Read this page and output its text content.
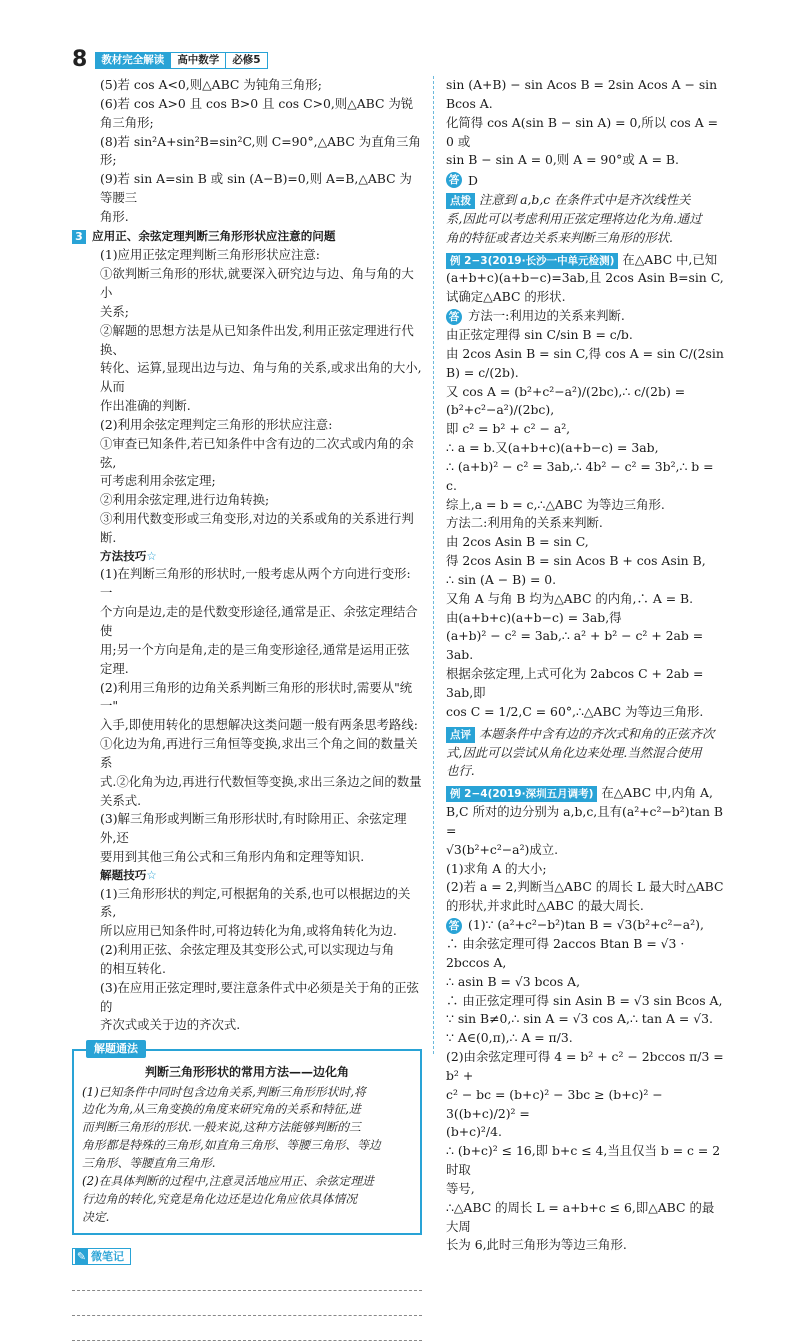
8	教材完全解读	高中数学	必修5

(5)若 cos A<0,则△ABC 为钝角三角形;

(6)若 cos A>0 且 cos B>0 且 cos C>0,则△ABC 为锐角三角形;

(8)若 sin²A+sin²B=sin²C,则 C=90°,△ABC 为直角三角形;

(9)若 sin A=sin B 或 sin (A−B)=0,则 A=B,△ABC 为等腰三

角形.

3 应用正、余弦定理判断三角形形状应注意的问题

(1)应用正弦定理判断三角形形状应注意:

①欲判断三角形的形状,就要深入研究边与边、角与角的大小

关系;

②解题的思想方法是从已知条件出发,利用正弦定理进行代换、

转化、运算,显现出边与边、角与角的关系,或求出角的大小,从而

作出准确的判断.

(2)利用余弦定理判定三角形的形状应注意:

①审查已知条件,若已知条件中含有边的二次式或内角的余弦,

可考虑利用余弦定理;

②利用余弦定理,进行边角转换;

③利用代数变形或三角变形,对边的关系或角的关系进行判断.

方法技巧☆

(1)在判断三角形的形状时,一般考虑从两个方向进行变形:一

个方向是边,走的是代数变形途径,通常是正、余弦定理结合使

用;另一个方向是角,走的是三角变形途径,通常是运用正弦

定理.

(2)利用三角形的边角关系判断三角形的形状时,需要从"统一"

入手,即使用转化的思想解决这类问题一般有两条思考路线:

①化边为角,再进行三角恒等变换,求出三个角之间的数量关系

式.②化角为边,再进行代数恒等变换,求出三条边之间的数量

关系式.

(3)解三角形或判断三角形形状时,有时除用正、余弦定理外,还

要用到其他三角公式和三角形内角和定理等知识.

解题技巧☆

(1)三角形形状的判定,可根据角的关系,也可以根据边的关系,

所以应用已知条件时,可将边转化为角,或将角转化为边.

(2)利用正弦、余弦定理及其变形公式,可以实现边与角

的相互转化.

(3)在应用正弦定理时,要注意条件式中必须是关于角的正弦的

齐次式或关于边的齐次式.

解题通法
判断三角形形状的常用方法——边化角

(1)已知条件中同时包含边角关系,判断三角形形状时,将

边化为角,从三角变换的角度来研究角的关系和特征,进

而判断三角形的形状.一般来说,这种方法能够判断的三

角形都是特殊的三角形,如直角三角形、等腰三角形、等边

三角形、等腰直角三角形.

(2)在具体判断的过程中,注意灵活地应用正、余弦定理进

行边角的转化,究竟是角化边还是边化角应依具体情况

决定.

✎ 微笔记

sin (A+B) − sin Acos B = 2sin Acos A − sin Bcos A.

化简得 cos A(sin B − sin A) = 0,所以 cos A = 0 或

sin B − sin A = 0,则 A = 90°或 A = B.

答 D

点拨 注意到 a,b,c 在条件式中是齐次线性关

系,因此可以考虑利用正弦定理将边化为角.通过

角的特征或者边关系来判断三角形的形状.

例 2−3(2019·长沙一中单元检测) 在△ABC 中,已知

(a+b+c)(a+b−c)=3ab,且 2cos Asin B=sin C,

试确定△ABC 的形状.

答 方法一:利用边的关系来判断.

由正弦定理得 sin C/sin B = c/b.

由 2cos Asin B = sin C,得 cos A = sin C/(2sin B) = c/(2b).

又 cos A = (b²+c²−a²)/(2bc),∴ c/(2b) = (b²+c²−a²)/(2bc),

即 c² = b² + c² − a²,

∴ a = b.又(a+b+c)(a+b−c) = 3ab,

∴ (a+b)² − c² = 3ab,∴ 4b² − c² = 3b²,∴ b = c.

综上,a = b = c,∴△ABC 为等边三角形.

方法二:利用角的关系来判断.

由 2cos Asin B = sin C,

得 2cos Asin B = sin Acos B + cos Asin B,

∴ sin (A − B) = 0.

又角 A 与角 B 均为△ABC 的内角,∴ A = B.

由(a+b+c)(a+b−c) = 3ab,得

(a+b)² − c² = 3ab,∴ a² + b² − c² + 2ab = 3ab.

根据余弦定理,上式可化为 2abcos C + 2ab = 3ab,即

cos C = 1/2,C = 60°,∴△ABC 为等边三角形.

点评 本题条件中含有边的齐次式和角的正弦齐次

式,因此可以尝试从角化边来处理.当然混合使用

也行.

例 2−4(2019·深圳五月调考) 在△ABC 中,内角 A,

B,C 所对的边分别为 a,b,c,且有(a²+c²−b²)tan B =

√3(b²+c²−a²)成立.

(1)求角 A 的大小;

(2)若 a = 2,判断当△ABC 的周长 L 最大时△ABC

的形状,并求此时△ABC 的最大周长.

答 (1)∵ (a²+c²−b²)tan B = √3(b²+c²−a²),

∴ 由余弦定理可得 2accos Btan B = √3 · 2bccos A,

∴ asin B = √3 bcos A,

∴ 由正弦定理可得 sin Asin B = √3 sin Bcos A,

∵ sin B≠0,∴ sin A = √3 cos A,∴ tan A = √3.

∵ A∈(0,π),∴ A = π/3.

(2)由余弦定理可得 4 = b² + c² − 2bccos π/3 = b² +

c² − bc = (b+c)² − 3bc ≥ (b+c)² − 3((b+c)/2)² =

(b+c)²/4.

∴ (b+c)² ≤ 16,即 b+c ≤ 4,当且仅当 b = c = 2 时取

等号,

∴△ABC 的周长 L = a+b+c ≤ 6,即△ABC 的最大周

长为 6,此时三角形为等边三角形.
